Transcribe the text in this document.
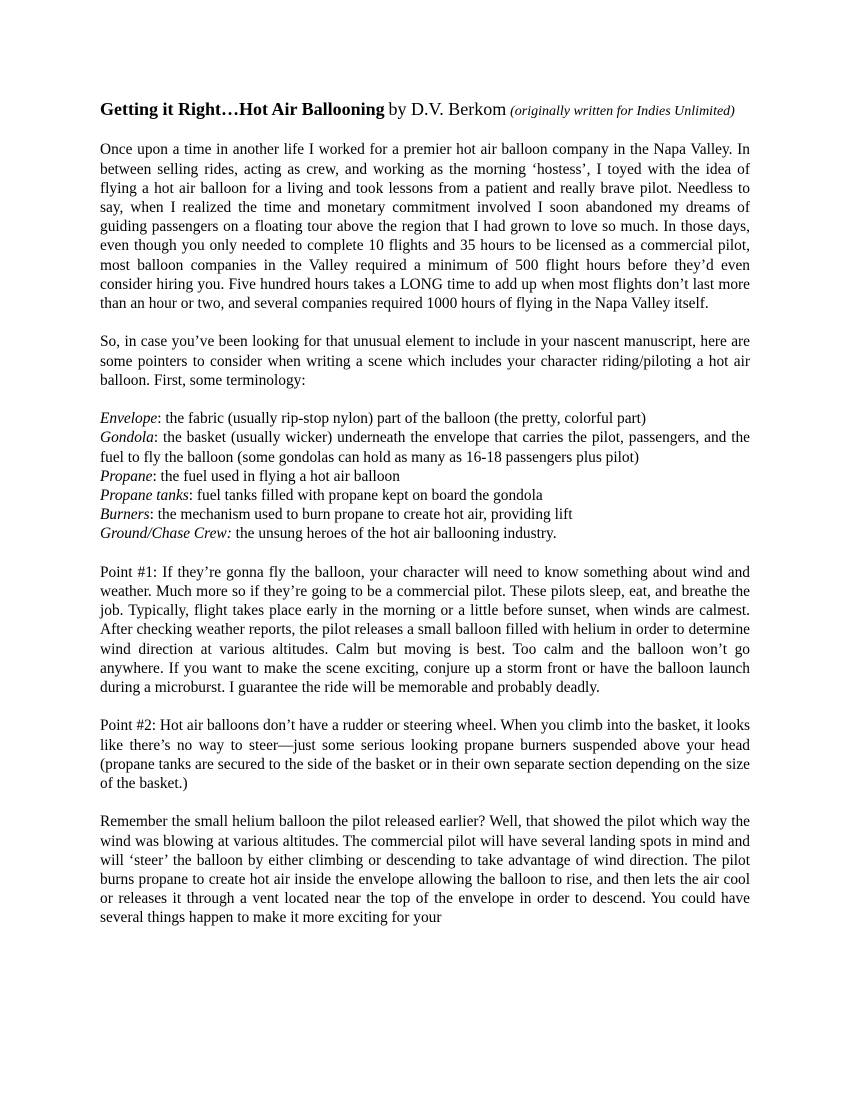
Getting it Right…Hot Air Ballooning by D.V. Berkom (originally written for Indies Unlimited)

Once upon a time in another life I worked for a premier hot air balloon company in the Napa Valley. In between selling rides, acting as crew, and working as the morning ‘hostess’, I toyed with the idea of flying a hot air balloon for a living and took lessons from a patient and really brave pilot. Needless to say, when I realized the time and monetary commitment involved I soon abandoned my dreams of guiding passengers on a floating tour above the region that I had grown to love so much. In those days, even though you only needed to complete 10 flights and 35 hours to be licensed as a commercial pilot, most balloon companies in the Valley required a minimum of 500 flight hours before they’d even consider hiring you. Five hundred hours takes a LONG time to add up when most flights don’t last more than an hour or two, and several companies required 1000 hours of flying in the Napa Valley itself.

So, in case you’ve been looking for that unusual element to include in your nascent manuscript, here are some pointers to consider when writing a scene which includes your character riding/piloting a hot air balloon. First, some terminology:

Envelope: the fabric (usually rip-stop nylon) part of the balloon (the pretty, colorful part)

Gondola: the basket (usually wicker) underneath the envelope that carries the pilot, passengers, and the fuel to fly the balloon (some gondolas can hold as many as 16-18 passengers plus pilot)

Propane: the fuel used in flying a hot air balloon

Propane tanks: fuel tanks filled with propane kept on board the gondola

Burners: the mechanism used to burn propane to create hot air, providing lift

Ground/Chase Crew: the unsung heroes of the hot air ballooning industry.

Point #1: If they’re gonna fly the balloon, your character will need to know something about wind and weather. Much more so if they’re going to be a commercial pilot. These pilots sleep, eat, and breathe the job. Typically, flight takes place early in the morning or a little before sunset, when winds are calmest. After checking weather reports, the pilot releases a small balloon filled with helium in order to determine wind direction at various altitudes. Calm but moving is best. Too calm and the balloon won’t go anywhere. If you want to make the scene exciting, conjure up a storm front or have the balloon launch during a microburst. I guarantee the ride will be memorable and probably deadly.

Point #2: Hot air balloons don’t have a rudder or steering wheel. When you climb into the basket, it looks like there’s no way to steer—just some serious looking propane burners suspended above your head (propane tanks are secured to the side of the basket or in their own separate section depending on the size of the basket.)

Remember the small helium balloon the pilot released earlier? Well, that showed the pilot which way the wind was blowing at various altitudes. The commercial pilot will have several landing spots in mind and will ‘steer’ the balloon by either climbing or descending to take advantage of wind direction. The pilot burns propane to create hot air inside the envelope allowing the balloon to rise, and then lets the air cool or releases it through a vent located near the top of the envelope in order to descend. You could have several things happen to make it more exciting for your
